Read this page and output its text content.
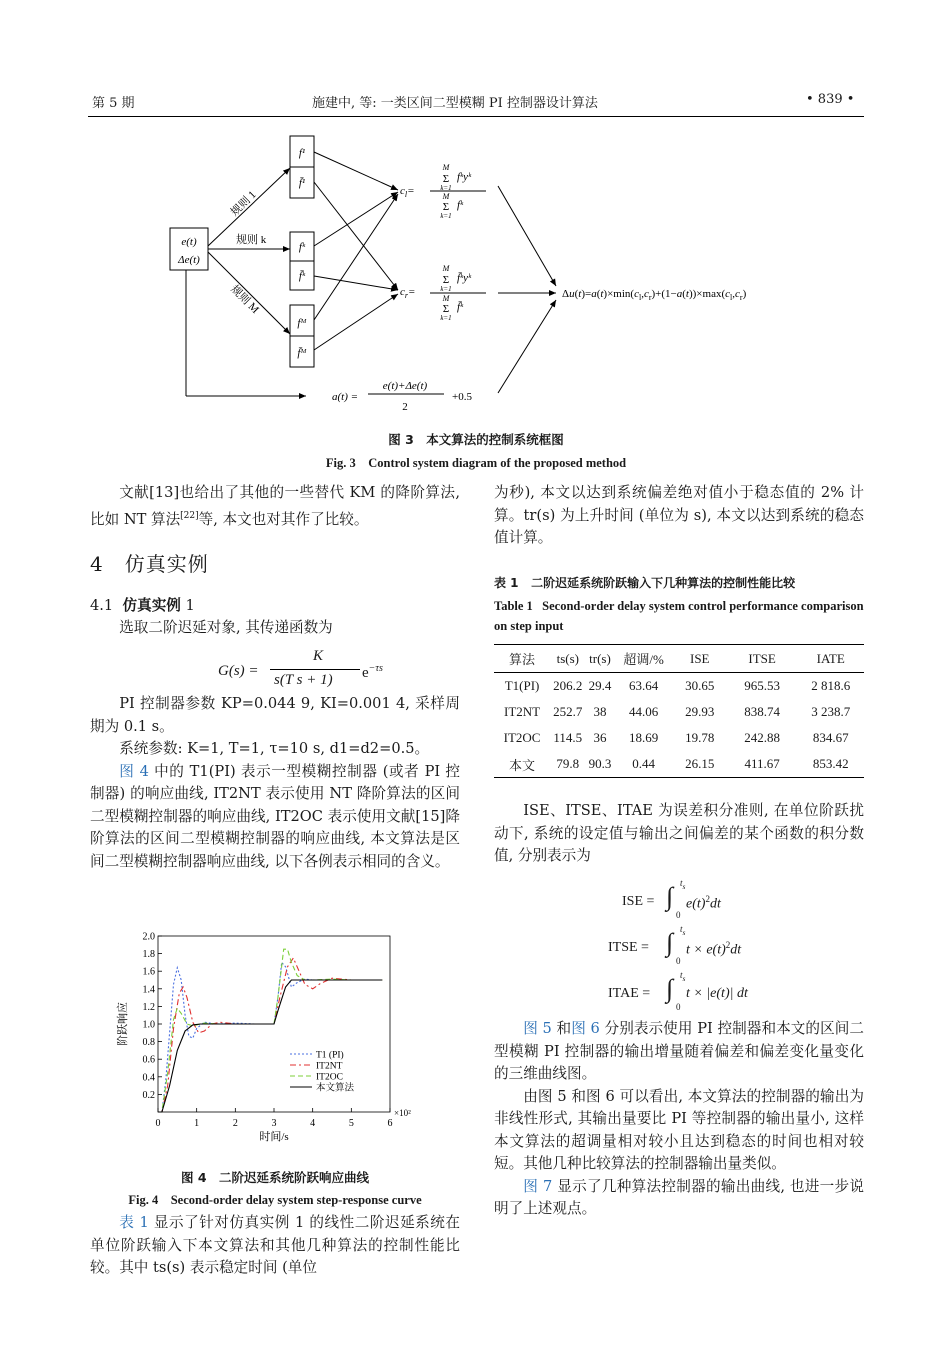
第 5 期	施建中, 等: 一类区间二型模糊 PI 控制器设计算法	• 839 •
e(t)
Δe(t)
f¹
f̄¹
fᵏ
f̄ᵏ
fᴹ
f̄ᴹ
规则 1
规则 k
规则 M
$c_l=$
M
Σ fᵏyᵏ
k=1
M
Σ fᵏ
k=1
$c_r=$
M
Σ f̄ᵏyᵏ
k=1
M
Σ f̄ᵏ
k=1
$\Delta u(t)=a(t)\times\min(c_l,c_r)+(1-a(t))\times\max(c_l,c_r)$
a(t) =
e(t)+Δe(t)
2
+0.5
图 3　本文算法的控制系统框图
Fig. 3　Control system diagram of the proposed method

文献[13]也给出了其他的一些替代 KM 的降阶算法, 比如 NT 算法[22]等, 本文也对其作了比较。

4　仿真实例
4.1 仿真实例 1

选取二阶迟延对象, 其传递函数为

G(s) =
K
s(T s + 1) $e^{-\tau s}$

PI 控制器参数 KP=0.044 9, KI=0.001 4, 采样周期为 0.1 s。

系统参数: K=1, T=1, τ=10 s, d1=d2=0.5。

图 4 中的 T1(PI) 表示一型模糊控制器 (或者 PI 控制器) 的响应曲线, IT2NT 表示使用 NT 降阶算法的区间二型模糊控制器的响应曲线, IT2OC 表示使用文献[15]降阶算法的区间二型模糊控制器的响应曲线, 本文算法是区间二型模糊控制器响应曲线, 以下各例表示相同的含义。

0	1	2	3	4	5	6
0.2
0.4
0.6
0.8
1.0
1.2
1.4
1.6
1.8
2.0
×10²
时间/s
阶跃响应
T1 (PI)
IT2NT
IT2OC
本文算法
图 4　二阶迟延系统阶跃响应曲线
Fig. 4　Second-order delay system step-response curve

表 1 显示了针对仿真实例 1 的线性二阶迟延系统在单位阶跃输入下本文算法和其他几种算法的控制性能比较。其中 ts(s) 表示稳定时间 (单位

为秒), 本文以达到系统偏差绝对值小于稳态值的 2% 计算。tr(s) 为上升时间 (单位为 s), 本文以达到系统的稳态值计算。

表 1 二阶迟延系统阶跃输入下几种算法的控制性能比较
Table 1 Second-order delay system control performance comparison on step input
算法	ts(s)	tr(s)	超调/%	ISE	ITSE	IATE
T1(PI)	206.2	29.4	63.64	30.65	965.53	2 818.6
IT2NT	252.7	38	44.06	29.93	838.74	3 238.7
IT2OC	114.5	36	18.69	19.78	242.88	834.67
本文	79.8	90.3	0.44	26.15	411.67	853.42

ISE、ITSE、ITAE 为误差积分准则, 在单位阶跃扰动下, 系统的设定值与输出之间偏差的某个函数的积分数值, 分别表示为

ISE = ∫ $t_s$
0
$e(t)^2dt$
ITSE = ∫ $t_s$
0
$t \times e(t)^2dt$
ITAE = ∫ $t_s$
0
t × |e(t)| dt

图 5 和图 6 分别表示使用 PI 控制器和本文的区间二型模糊 PI 控制器的输出增量随着偏差和偏差变化量变化的三维曲线图。

由图 5 和图 6 可以看出, 本文算法的控制器的输出为非线性形式, 其输出量要比 PI 等控制器的输出量小, 这样本文算法的超调量相对较小且达到稳态的时间也相对较短。其他几种比较算法的控制器输出量类似。

图 7 显示了几种算法控制器的输出曲线, 也进一步说明了上述观点。
